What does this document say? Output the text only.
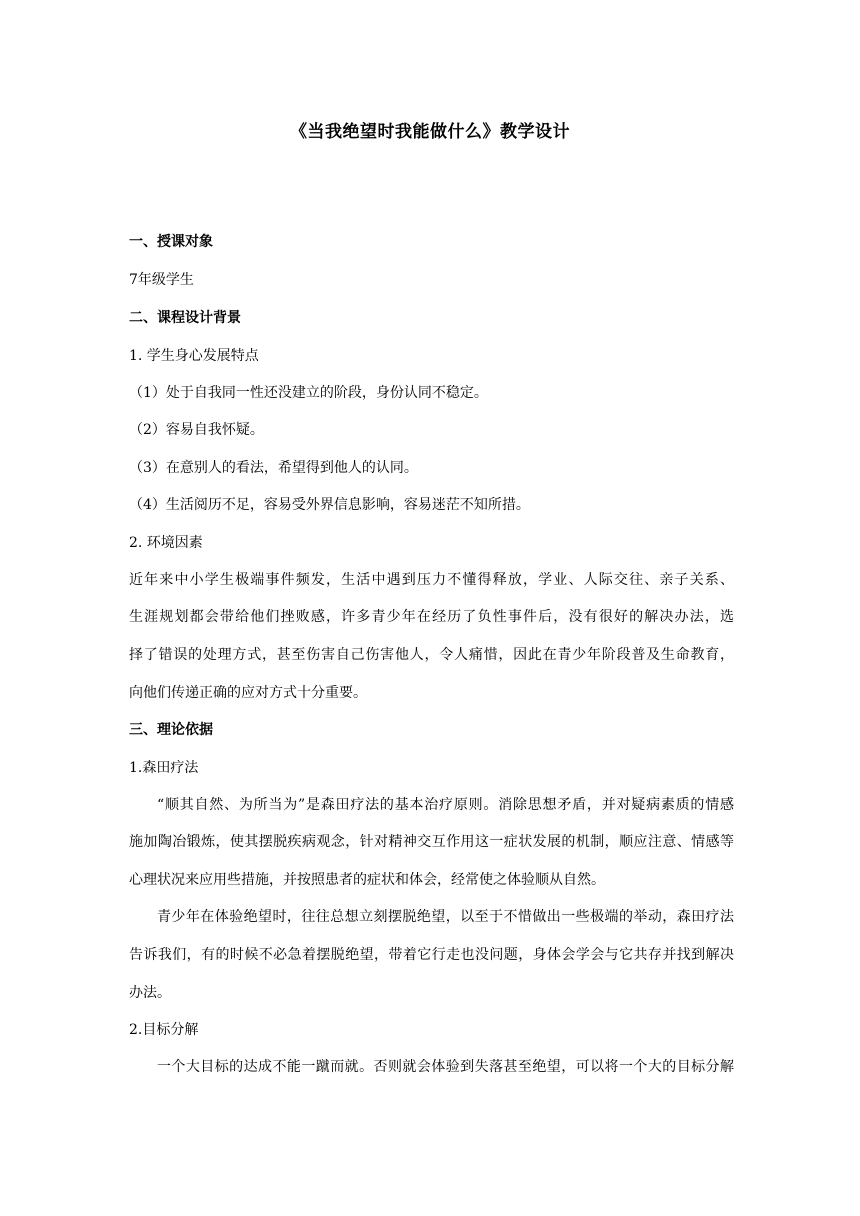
《当我绝望时我能做什么》教学设计
一、授课对象
7年级学生
二、课程设计背景
1. 学生身心发展特点
（1）处于自我同一性还没建立的阶段，身份认同不稳定。
（2）容易自我怀疑。
（3）在意别人的看法，希望得到他人的认同。
（4）生活阅历不足，容易受外界信息影响，容易迷茫不知所措。
2. 环境因素
近年来中小学生极端事件频发，生活中遇到压力不懂得释放，学业、人际交往、亲子关系、
生涯规划都会带给他们挫败感，许多青少年在经历了负性事件后，没有很好的解决办法，选
择了错误的处理方式，甚至伤害自己伤害他人，令人痛惜，因此在青少年阶段普及生命教育，
向他们传递正确的应对方式十分重要。
三、理论依据
1.森田疗法
“顺其自然、为所当为”是森田疗法的基本治疗原则。消除思想矛盾，并对疑病素质的情感
施加陶冶锻炼，使其摆脱疾病观念，针对精神交互作用这一症状发展的机制，顺应注意、情感等
心理状况来应用些措施，并按照患者的症状和体会，经常使之体验顺从自然。
青少年在体验绝望时，往往总想立刻摆脱绝望，以至于不惜做出一些极端的举动，森田疗法
告诉我们，有的时候不必急着摆脱绝望，带着它行走也没问题，身体会学会与它共存并找到解决
办法。
2.目标分解
一个大目标的达成不能一蹴而就。否则就会体验到失落甚至绝望，可以将一个大的目标分解
